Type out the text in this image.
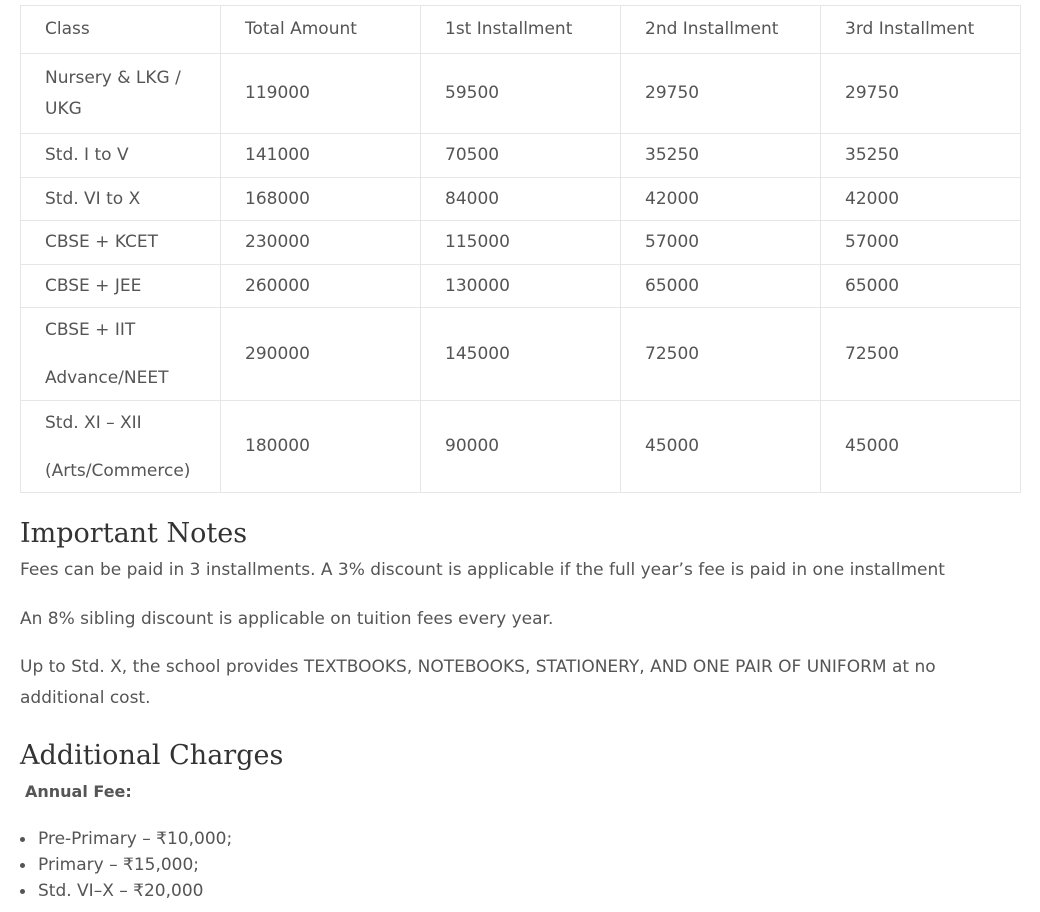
Class	Total Amount	1st Installment	2nd Installment	3rd Installment
Nursery & LKG / UKG	119000	59500	29750	29750
Std. I to V	141000	70500	35250	35250
Std. VI to X	168000	84000	42000	42000
CBSE + KCET	230000	115000	57000	57000
CBSE + JEE	260000	130000	65000	65000

CBSE + IIT
Advance/NEET	290000	145000	72500	72500

Std. XI – XII
(Arts/Commerce)	180000	90000	45000	45000
Important Notes

Fees can be paid in 3 installments. A 3% discount is applicable if the full year’s fee is paid in one installment

An 8% sibling discount is applicable on tuition fees every year.

Up to Std. X, the school provides TEXTBOOKS, NOTEBOOKS, STATIONERY, AND ONE PAIR OF UNIFORM at no additional cost.

Additional Charges

Annual Fee:

Pre-Primary – ₹10,000;
Primary – ₹15,000;
Std. VI–X – ₹20,000
